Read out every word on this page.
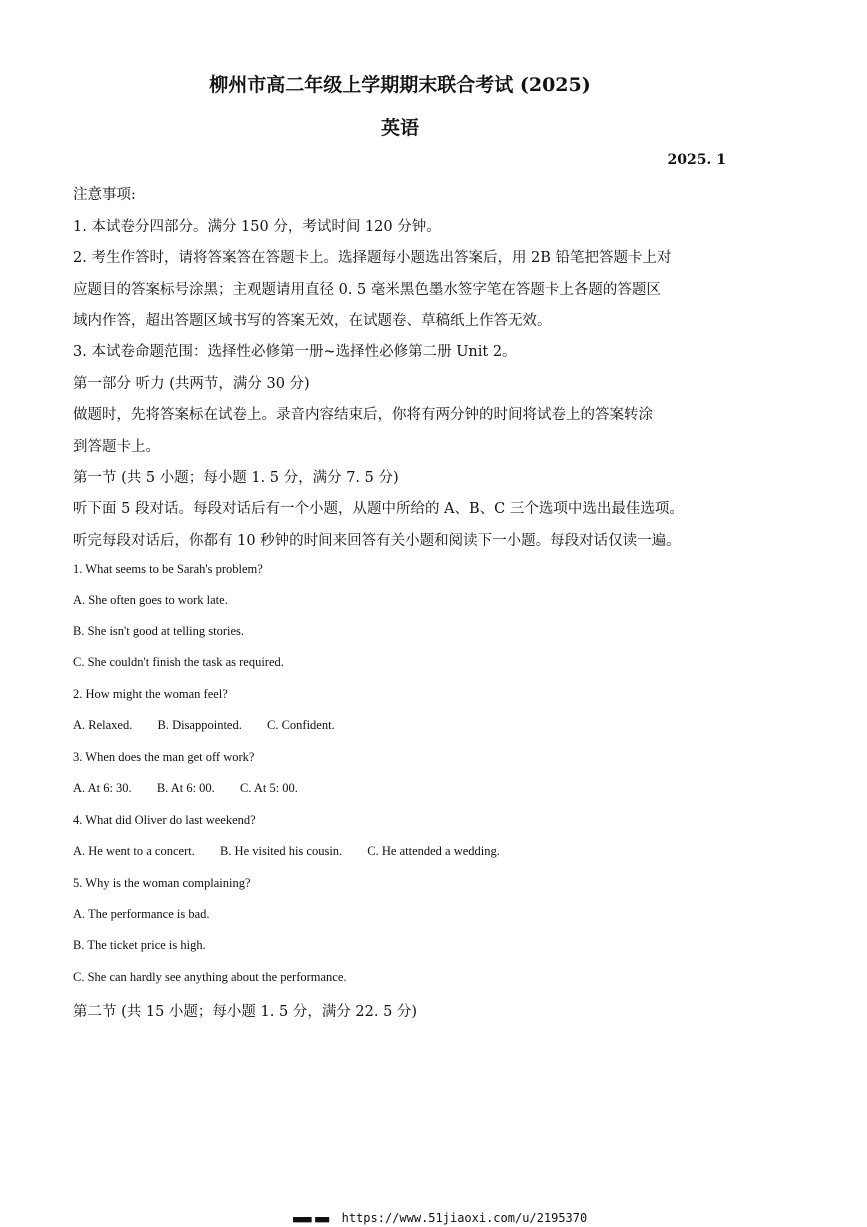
柳州市高二年级上学期期末联合考试 (2025)
英语
2025. 1
注意事项:
1. 本试卷分四部分。满分 150 分，考试时间 120 分钟。
2. 考生作答时，请将答案答在答题卡上。选择题每小题选出答案后，用 2B 铅笔把答题卡上对
应题目的答案标号涂黑；主观题请用直径 0. 5 毫米黑色墨水签字笔在答题卡上各题的答题区
域内作答，超出答题区域书写的答案无效，在试题卷、草稿纸上作答无效。
3. 本试卷命题范围：选择性必修第一册~选择性必修第二册 Unit 2。
第一部分 听力 (共两节，满分 30 分)
做题时，先将答案标在试卷上。录音内容结束后，你将有两分钟的时间将试卷上的答案转涂
到答题卡上。
第一节 (共 5 小题；每小题 1. 5 分，满分 7. 5 分)
听下面 5 段对话。每段对话后有一个小题，从题中所给的 A、B、C 三个选项中选出最佳选项。
听完每段对话后，你都有 10 秒钟的时间来回答有关小题和阅读下一小题。每段对话仅读一遍。
1. What seems to be Sarah's problem?
A. She often goes to work late.
B. She isn't good at telling stories.
C. She couldn't finish the task as required.
2. How might the woman feel?
A. Relaxed. B. Disappointed. C. Confident.
3. When does the man get off work?
A. At 6: 30. B. At 6: 00. C. At 5: 00.
4. What did Oliver do last weekend?
A. He went to a concert. B. He visited his cousin. C. He attended a wedding.
5. Why is the woman complaining?
A. The performance is bad.
B. The ticket price is high.
C. She can hardly see anything about the performance.
第二节 (共 15 小题；每小题 1. 5 分，满分 22. 5 分)
■■■■ ■■■ https://www.51jiaoxi.com/u/2195370
